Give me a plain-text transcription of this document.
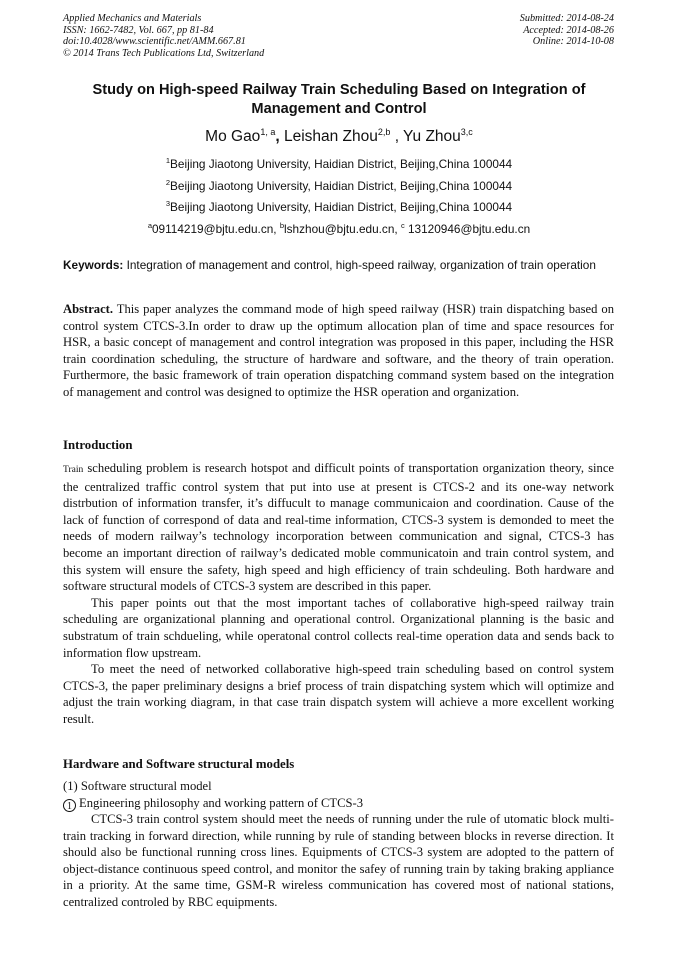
Applied Mechanics and Materials
ISSN: 1662-7482, Vol. 667, pp 81-84
doi:10.4028/www.scientific.net/AMM.667.81
© 2014 Trans Tech Publications Ltd, Switzerland
Submitted: 2014-08-24
Accepted: 2014-08-26
Online: 2014-10-08
Study on High-speed Railway Train Scheduling Based on Integration of
Management and Control
Mo Gao$^{1, a}$, Leishan Zhou$^{2,b}$ , Yu Zhou$^{3,c}$
$^1$Beijing Jiaotong University, Haidian District, Beijing,China 100044
$^2$Beijing Jiaotong University, Haidian District, Beijing,China 100044
$^3$Beijing Jiaotong University, Haidian District, Beijing,China 100044
$^a$09114219@bjtu.edu.cn, $^b$lshzhou@bjtu.edu.cn, $^c$ 13120946@bjtu.edu.cn
Keywords: Integration of management and control, high-speed railway, organization of train operation
Abstract. This paper analyzes the command mode of high speed railway (HSR) train dispatching based on control system CTCS-3.In order to draw up the optimum allocation plan of time and space resources for HSR, a basic concept of management and control integration was proposed in this paper, including the HSR train coordination scheduling, the structure of hardware and software, and the theory of train operation. Furthermore, the basic framework of train operation dispatching command system based on the integration of management and control was designed to optimize the HSR operation and organization.
Introduction

Train scheduling problem is research hotspot and difficult points of transportation organization theory, since the centralized traffic control system that put into use at present is CTCS-2 and its one-way network distrbution of information transfer, it’s diffucult to manage communicaion and coordination. Cause of the lack of function of correspond of data and real-time information, CTCS-3 system is demonded to meet the needs of modern railway’s technology incorporation between communication and signal, CTCS-3 has become an important direction of railway’s dedicated moble communicatoin and train control system, and this system will ensure the safety, high speed and high efficiency of train schdeuling. Both hardware and software structural models of CTCS-3 system are described in this paper.

This paper points out that the most important taches of collaborative high-speed railway train scheduling are organizational planning and operational control. Organizational planning is the basic and substratum of train schdueling, while operatonal control collects real-time operation data and sends back to information flow upstream.

To meet the need of networked collaborative high-speed train scheduling based on control system CTCS-3, the paper preliminary designs a brief process of train dispatching system which will optimize and adjust the train working diagram, in that case train dispatch system will achieve a more excellent working result.

Hardware and Software structural models
(1) Software structural model
1 Engineering philosophy and working pattern of CTCS-3

CTCS-3 train control system should meet the needs of running under the rule of utomatic block multi-train tracking in forward direction, while running by rule of standing between blocks in reverse direction. It should also be functional running cross lines. Equipments of CTCS-3 system are adopted to the pattern of object-distance continuous speed control, and monitor the safey of running train by taking braking appliance in a priority. At the same time, GSM-R wireless communication has covered most of national stations, centralized controled by RBC equipments.
